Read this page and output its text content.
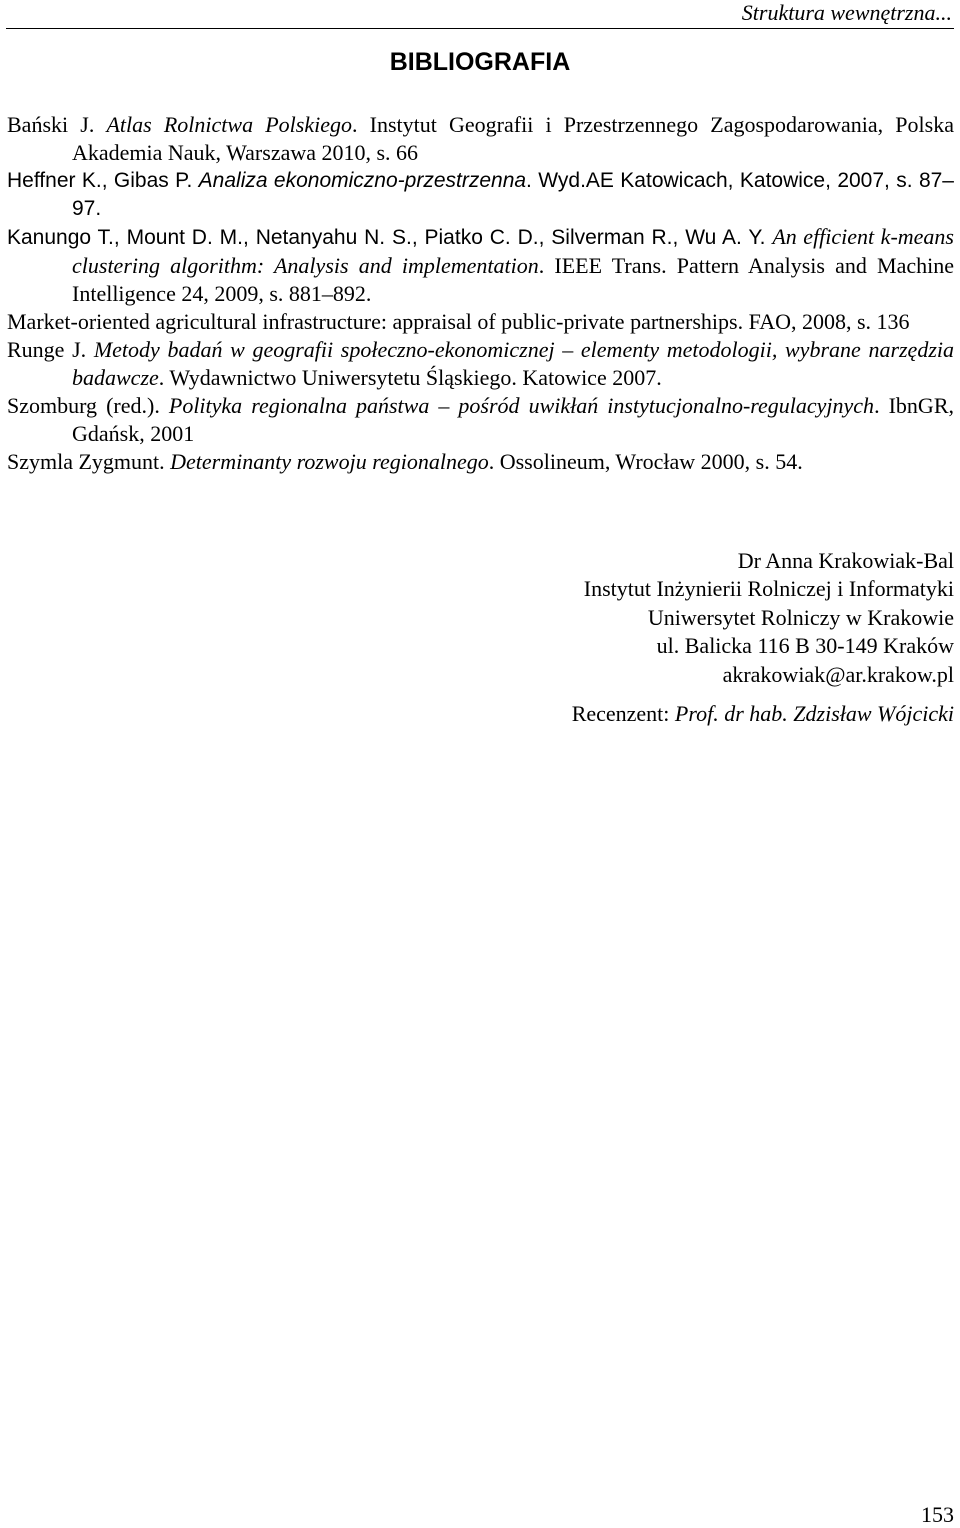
Struktura wewnętrzna...
BIBLIOGRAFIA
Bański J. Atlas Rolnictwa Polskiego. Instytut Geografii i Przestrzennego Zagospodarowania, Polska Akademia Nauk, Warszawa 2010, s. 66
Heffner K., Gibas P. Analiza ekonomiczno-przestrzenna. Wyd.AE Katowicach, Katowice, 2007, s. 87–97.
Kanungo T., Mount D. M., Netanyahu N. S., Piatko C. D., Silverman R., Wu A. Y. An efficient k-means clustering algorithm: Analysis and implementation. IEEE Trans. Pattern Analysis and Machine Intelligence 24, 2009, s. 881–892.
Market-oriented agricultural infrastructure: appraisal of public-private partnerships. FAO, 2008, s. 136
Runge J. Metody badań w geografii społeczno-ekonomicznej – elementy metodologii, wybrane narzędzia badawcze. Wydawnictwo Uniwersytetu Śląskiego. Katowice 2007.
Szomburg (red.). Polityka regionalna państwa – pośród uwikłań instytucjonalno-regulacyjnych. IbnGR, Gdańsk, 2001
Szymla Zygmunt. Determinanty rozwoju regionalnego. Ossolineum, Wrocław 2000, s. 54.
Dr Anna Krakowiak-Bal
Instytut Inżynierii Rolniczej i Informatyki
Uniwersytet Rolniczy w Krakowie
ul. Balicka 116 B 30-149 Kraków
akrakowiak@ar.krakow.pl
Recenzent: Prof. dr hab. Zdzisław Wójcicki
153
